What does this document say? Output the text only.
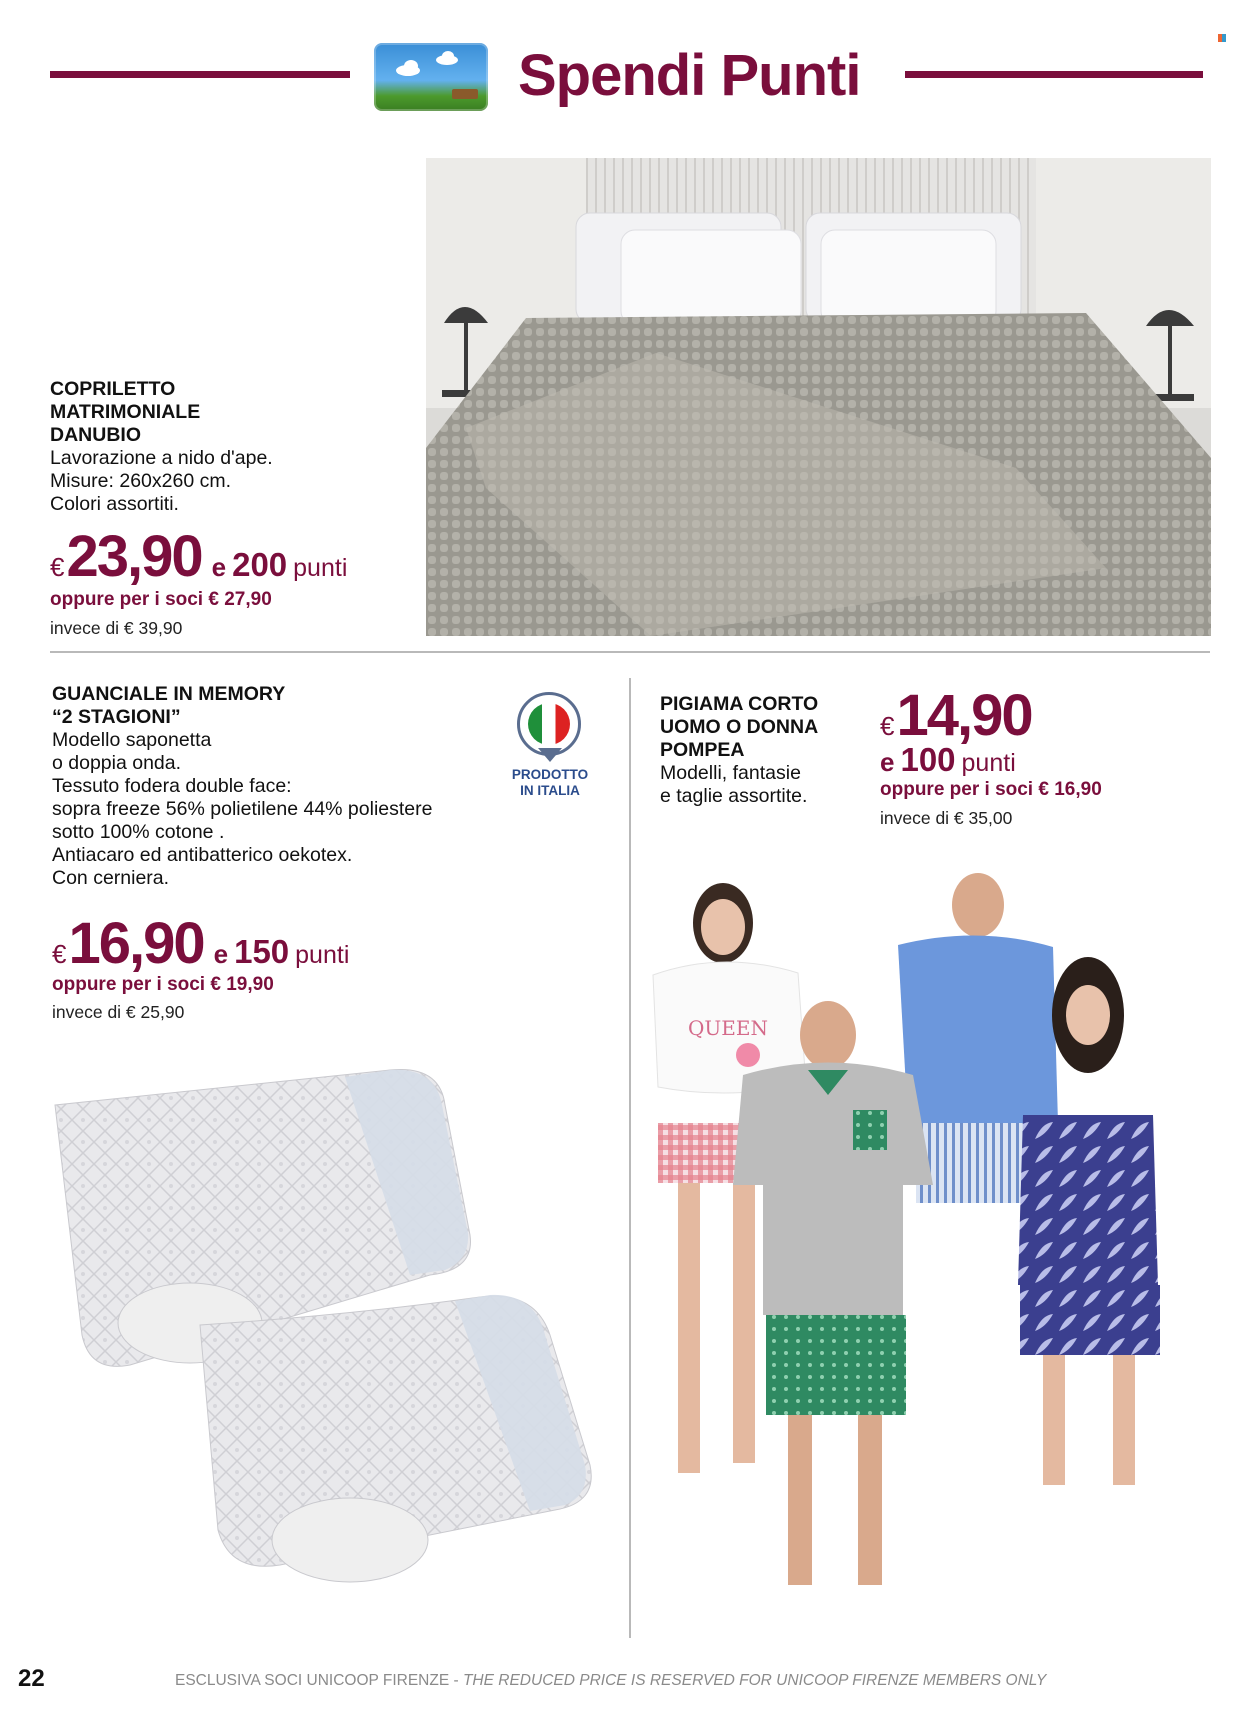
Spendi Punti
COPRILETTO
MATRIMONIALE
DANUBIO
Lavorazione a nido d'ape.
Misure: 260x260 cm.
Colori assortiti.
€ 23,90 e 200 punti
oppure per i soci € 27,90
invece di € 39,90
GUANCIALE IN MEMORY
“2 STAGIONI”
Modello saponetta
o doppia onda.
Tessuto fodera double face:
sopra freeze 56% polietilene 44% poliestere
sotto 100% cotone .
Antiacaro ed antibatterico oekotex.
Con cerniera.
PRODOTTO
IN ITALIA
€ 16,90 e 150 punti
oppure per i soci € 19,90
invece di € 25,90
PIGIAMA CORTO
UOMO O DONNA
POMPEA
Modelli, fantasie
e taglie assortite.
€ 14,90
e 100 punti
oppure per i soci € 16,90
invece di € 35,00
QUEEN
22	ESCLUSIVA SOCI UNICOOP FIRENZE - THE REDUCED PRICE IS RESERVED FOR UNICOOP FIRENZE MEMBERS ONLY
